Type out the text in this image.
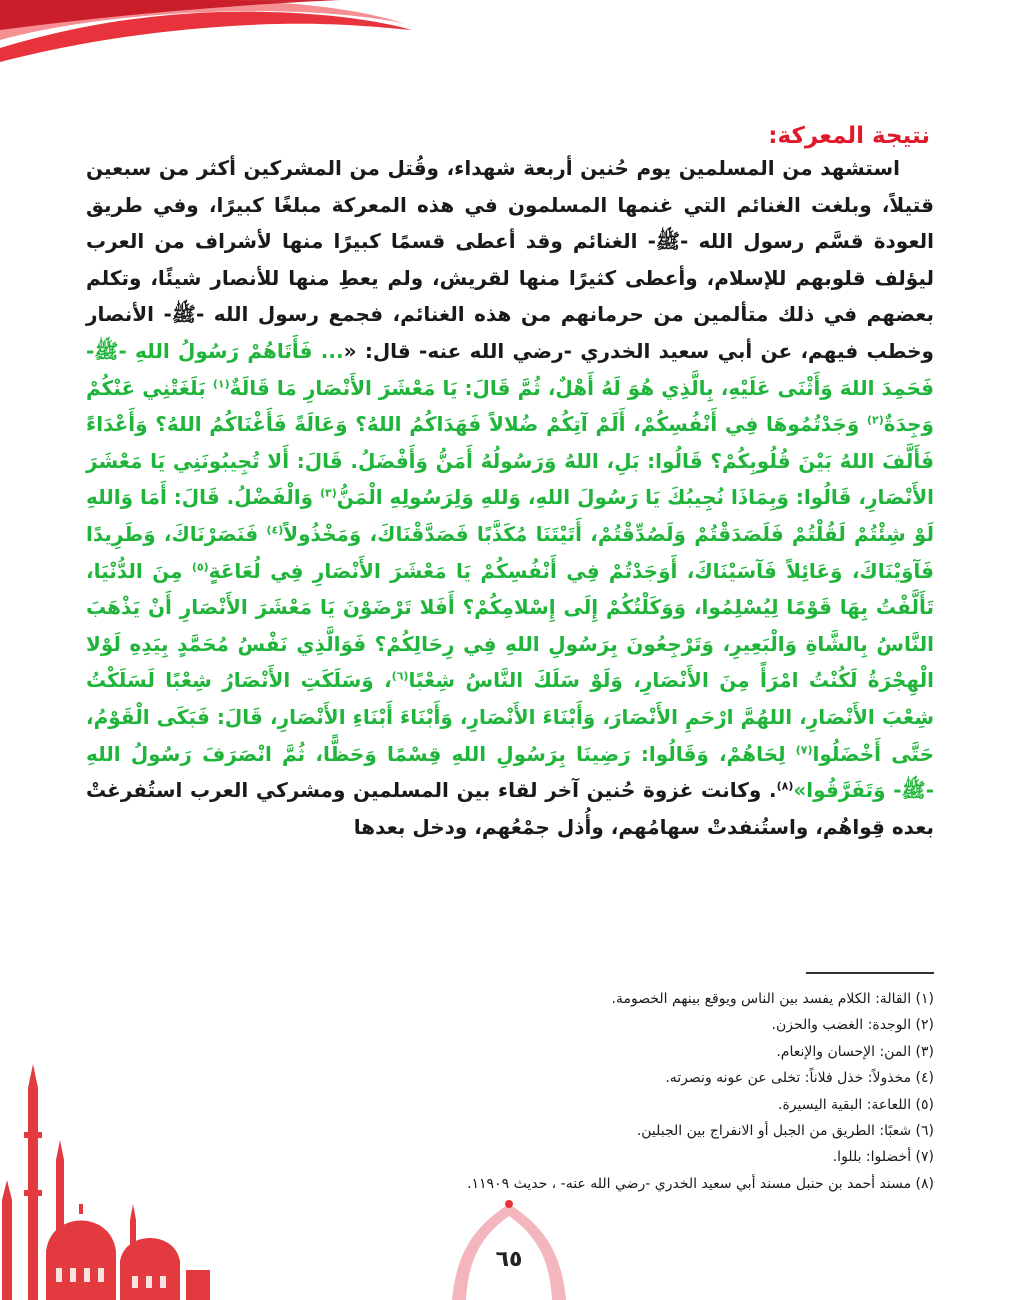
نتيجة المعركة:

استشهد من المسلمين يوم حُنين أربعة شهداء، وقُتل من المشركين أكثر من سبعين قتيلاً، وبلغت الغنائم التي غنمها المسلمون في هذه المعركة مبلغًا كبيرًا، وفي طريق العودة قسَّم رسول الله -ﷺ- الغنائم وقد أعطى قسمًا كبيرًا منها لأشراف من العرب ليؤلف قلوبهم للإسلام، وأعطى كثيرًا منها لقريش، ولم يعطِ منها للأنصار شيئًا، وتكلم بعضهم في ذلك متألمين من حرمانهم من هذه الغنائم، فجمع رسول الله -ﷺ- الأنصار وخطب فيهم، عن أبي سعيد الخدري -رضي الله عنه- قال: «... فَأَتَاهُمْ رَسُولُ اللهِ -ﷺ- فَحَمِدَ اللهَ وَأَثْنَى عَلَيْهِ، بِالَّذِي هُوَ لَهُ أَهْلٌ، ثُمَّ قَالَ: يَا مَعْشَرَ الأَنْصَارِ مَا قَالَةٌ$^{(١)}$ بَلَغَتْنِي عَنْكُمْ وَجِدَةٌ$^{(٢)}$ وَجَدْتُمُوهَا فِي أَنْفُسِكُمْ، أَلَمْ آتِكُمْ ضُلالاً فَهَدَاكُمُ اللهُ؟ وَعَالَةً فَأَغْنَاكُمُ اللهُ؟ وَأَعْدَاءً فَأَلَّفَ اللهُ بَيْنَ قُلُوبِكُمْ؟ قَالُوا: بَلِ، اللهُ وَرَسُولُهُ أَمَنُّ وَأَفْضَلُ. قَالَ: أَلا تُجِيبُونَنِي يَا مَعْشَرَ الأَنْصَارِ، قَالُوا: وَبِمَاذَا نُجِيبُكَ يَا رَسُولَ اللهِ، وَللهِ وَلِرَسُولِهِ الْمَنُّ$^{(٣)}$ وَالْفَضْلُ. قَالَ: أَمَا وَاللهِ لَوْ شِئْتُمْ لَقُلْتُمْ فَلَصَدَقْتُمْ وَلَصُدِّقْتُمْ، أَتَيْتَنَا مُكَذَّبًا فَصَدَّقْنَاكَ، وَمَخْذُولاً$^{(٤)}$ فَنَصَرْنَاكَ، وَطَرِيدًا فَآوَيْنَاكَ، وَعَائِلاً فَآسَيْنَاكَ، أَوَجَدْتُمْ فِي أَنْفُسِكُمْ يَا مَعْشَرَ الأَنْصَارِ فِي لُعَاعَةٍ$^{(٥)}$ مِنَ الدُّنْيَا، تَأَلَّفْتُ بِهَا قَوْمًا لِيُسْلِمُوا، وَوَكَلْتُكُمْ إِلَى إِسْلامِكُمْ؟ أَفَلا تَرْضَوْنَ يَا مَعْشَرَ الأَنْصَارِ أَنْ يَذْهَبَ النَّاسُ بِالشَّاةِ وَالْبَعِيرِ، وَتَرْجِعُونَ بِرَسُولِ اللهِ فِي رِحَالِكُمْ؟ فَوَالَّذِي نَفْسُ مُحَمَّدٍ بِيَدِهِ لَوْلا الْهِجْرَةُ لَكُنْتُ امْرَأً مِنَ الأَنْصَارِ، وَلَوْ سَلَكَ النَّاسُ شِعْبًا$^{(٦)}$، وَسَلَكَتِ الأَنْصَارُ شِعْبًا لَسَلَكْتُ شِعْبَ الأَنْصَارِ، اللهُمَّ ارْحَمِ الأَنْصَارَ، وَأَبْنَاءَ الأَنْصَارِ، وَأَبْنَاءَ أَبْنَاءِ الأَنْصَارِ، قَالَ: فَبَكَى الْقَوْمُ، حَتَّى أَخْضَلُوا$^{(٧)}$ لِحَاهُمْ، وَقَالُوا: رَضِينَا بِرَسُولِ اللهِ قِسْمًا وَحَظًّا، ثُمَّ انْصَرَفَ رَسُولُ اللهِ -ﷺ- وَتَفَرَّقُوا»$^{(٨)}$. وكانت غزوة حُنين آخر لقاء بين المسلمين ومشركي العرب استُفرغتْ بعده قِواهُم، واستُنفدتْ سهامُهم، وأُذل جمْعُهم، ودخل بعدها

(١) القالة: الكلام يفسد بين الناس ويوقع بينهم الخصومة.
(٢) الوجدة: الغضب والحزن.
(٣) المن: الإحسان والإنعام.
(٤) مخذولاً: خذل فلاناً: تخلى عن عونه ونصرته.
(٥) اللعاعة: البقية اليسيرة.
(٦) شعبًا: الطريق من الجبل أو الانفراج بين الجبلين.
(٧) أخضلوا: بللوا.
(٨) مسند أحمد بن حنبل مسند أبي سعيد الخدري -رضي الله عنه- ، حديث ١١٩٠٩.
٦٥
